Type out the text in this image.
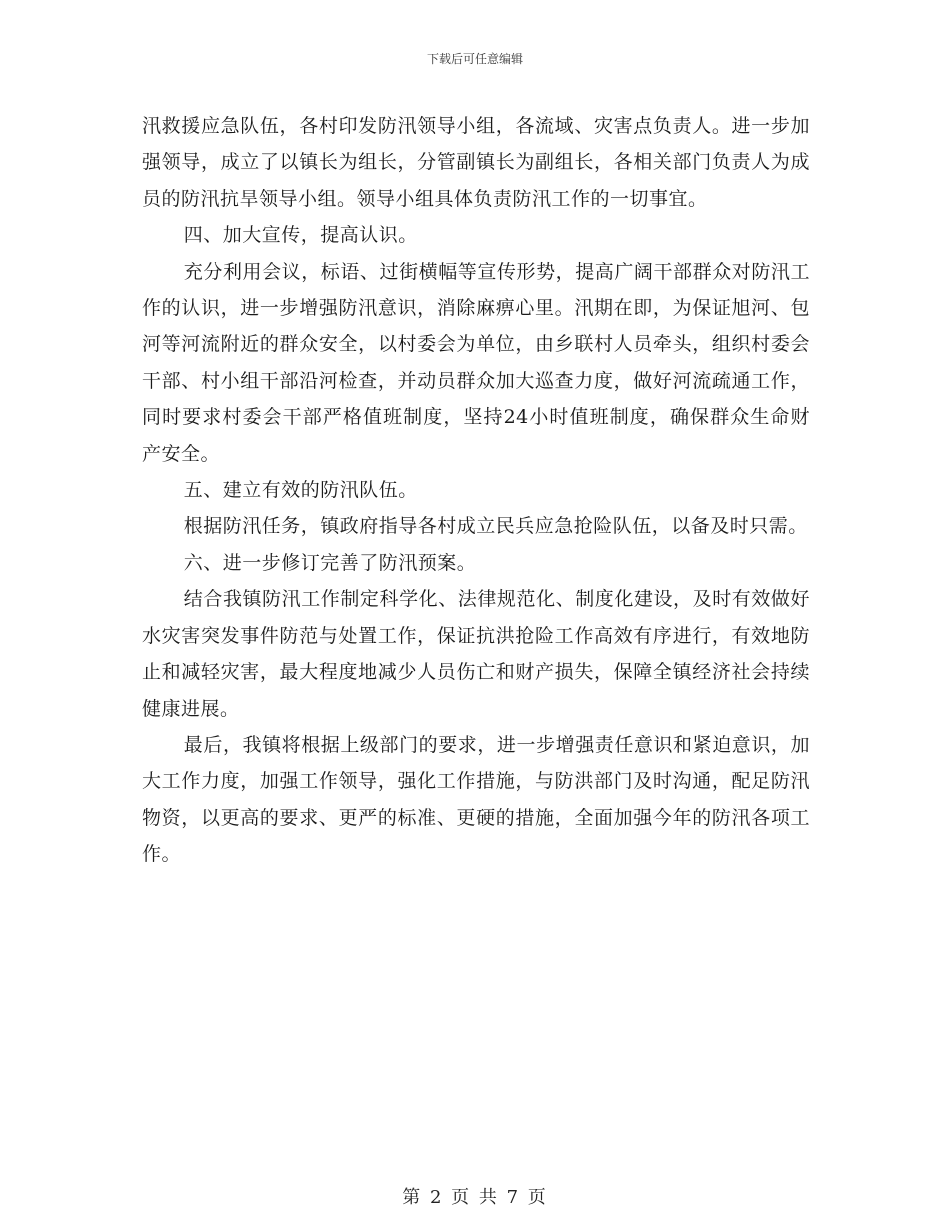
下载后可任意编辑

汛救援应急队伍，各村印发防汛领导小组，各流域、灾害点负责人。进一步加强领导，成立了以镇长为组长，分管副镇长为副组长，各相关部门负责人为成员的防汛抗旱领导小组。领导小组具体负责防汛工作的一切事宜。

四、加大宣传，提高认识。

充分利用会议，标语、过街横幅等宣传形势，提高广阔干部群众对防汛工作的认识，进一步增强防汛意识，消除麻痹心里。汛期在即，为保证旭河、包河等河流附近的群众安全，以村委会为单位，由乡联村人员牵头，组织村委会干部、村小组干部沿河检查，并动员群众加大巡查力度，做好河流疏通工作，同时要求村委会干部严格值班制度，坚持24小时值班制度，确保群众生命财产安全。

五、建立有效的防汛队伍。

根据防汛任务，镇政府指导各村成立民兵应急抢险队伍，以备及时只需。

六、进一步修订完善了防汛预案。

结合我镇防汛工作制定科学化、法律规范化、制度化建设，及时有效做好水灾害突发事件防范与处置工作，保证抗洪抢险工作高效有序进行，有效地防止和减轻灾害，最大程度地减少人员伤亡和财产损失，保障全镇经济社会持续健康进展。

最后，我镇将根据上级部门的要求，进一步增强责任意识和紧迫意识，加大工作力度，加强工作领导，强化工作措施，与防洪部门及时沟通，配足防汛物资，以更高的要求、更严的标准、更硬的措施，全面加强今年的防汛各项工作。

第 2 页 共 7 页
